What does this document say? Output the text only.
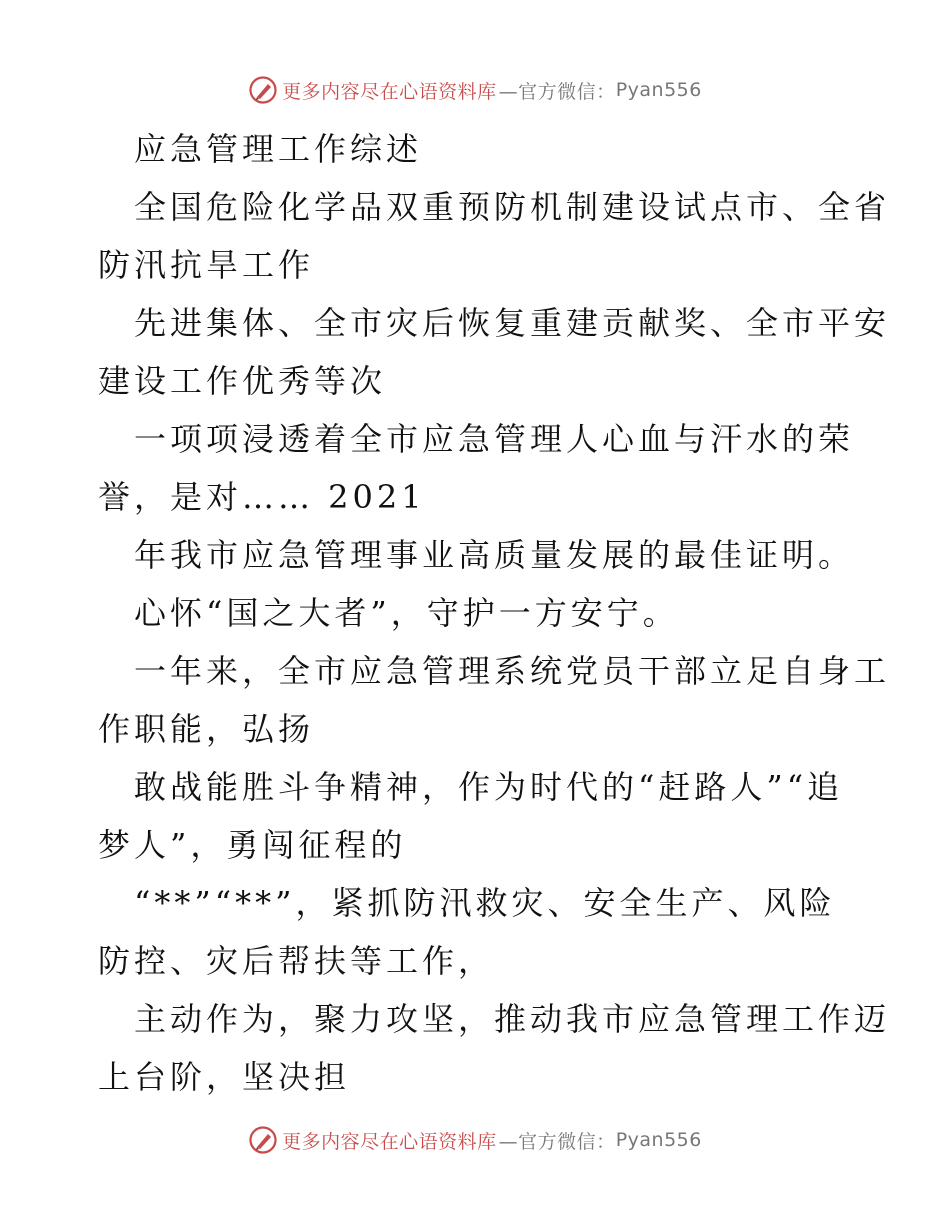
更多内容尽在心语资料库 —官方微信： Pyan556
应急管理工作综述
全国危险化学品双重预防机制建设试点市、全省
防汛抗旱工作
先进集体、全市灾后恢复重建贡献奖、全市平安
建设工作优秀等次
一项项浸透着全市应急管理人心血与汗水的荣
誉，是对…… 2021
年我市应急管理事业高质量发展的最佳证明。
心怀“国之大者”，守护一方安宁。
一年来，全市应急管理系统党员干部立足自身工
作职能，弘扬
敢战能胜斗争精神，作为时代的“赶路人”“追
梦人”，勇闯征程的
“**”“**”，紧抓防汛救灾、安全生产、风险
防控、灾后帮扶等工作，
主动作为，聚力攻坚，推动我市应急管理工作迈
上台阶，坚决担
更多内容尽在心语资料库 —官方微信： Pyan556
